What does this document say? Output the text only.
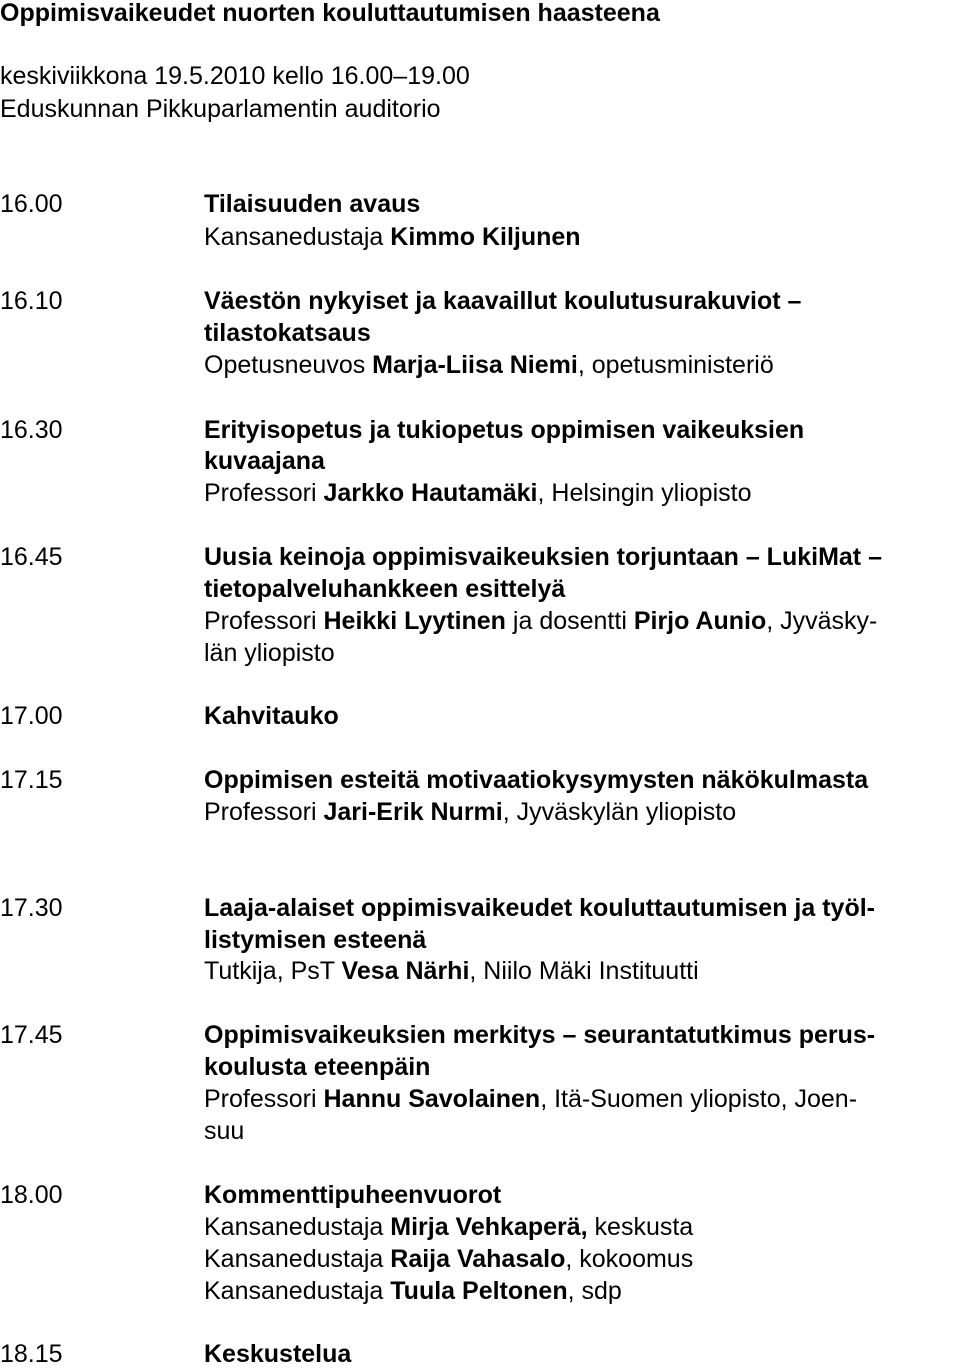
Oppimisvaikeudet nuorten kouluttautumisen haasteena
keskiviikkona 19.5.2010 kello 16.00–19.00
Eduskunnan Pikkuparlamentin auditorio
16.00	Tilaisuuden avaus
Kansanedustaja Kimmo Kiljunen
16.10	Väestön nykyiset ja kaavaillut koulutusurakuviot –
tilastokatsaus
Opetusneuvos Marja-Liisa Niemi, opetusministeriö
16.30	Erityisopetus ja tukiopetus oppimisen vaikeuksien
kuvaajana
Professori Jarkko Hautamäki, Helsingin yliopisto
16.45	Uusia keinoja oppimisvaikeuksien torjuntaan – LukiMat –
tietopalveluhankkeen esittelyä
Professori Heikki Lyytinen ja dosentti Pirjo Aunio, Jyväsky-
län yliopisto
17.00	Kahvitauko
17.15	Oppimisen esteitä motivaatiokysymysten näkökulmasta
Professori Jari-Erik Nurmi, Jyväskylän yliopisto
17.30	Laaja-alaiset oppimisvaikeudet kouluttautumisen ja työl-
listymisen esteenä
Tutkija, PsT Vesa Närhi, Niilo Mäki Instituutti
17.45	Oppimisvaikeuksien merkitys – seurantatutkimus perus-
koulusta eteenpäin
Professori Hannu Savolainen, Itä-Suomen yliopisto, Joen-
suu
18.00	Kommenttipuheenvuorot
Kansanedustaja Mirja Vehkaperä, keskusta
Kansanedustaja Raija Vahasalo, kokoomus
Kansanedustaja Tuula Peltonen, sdp
18.15	Keskustelua
